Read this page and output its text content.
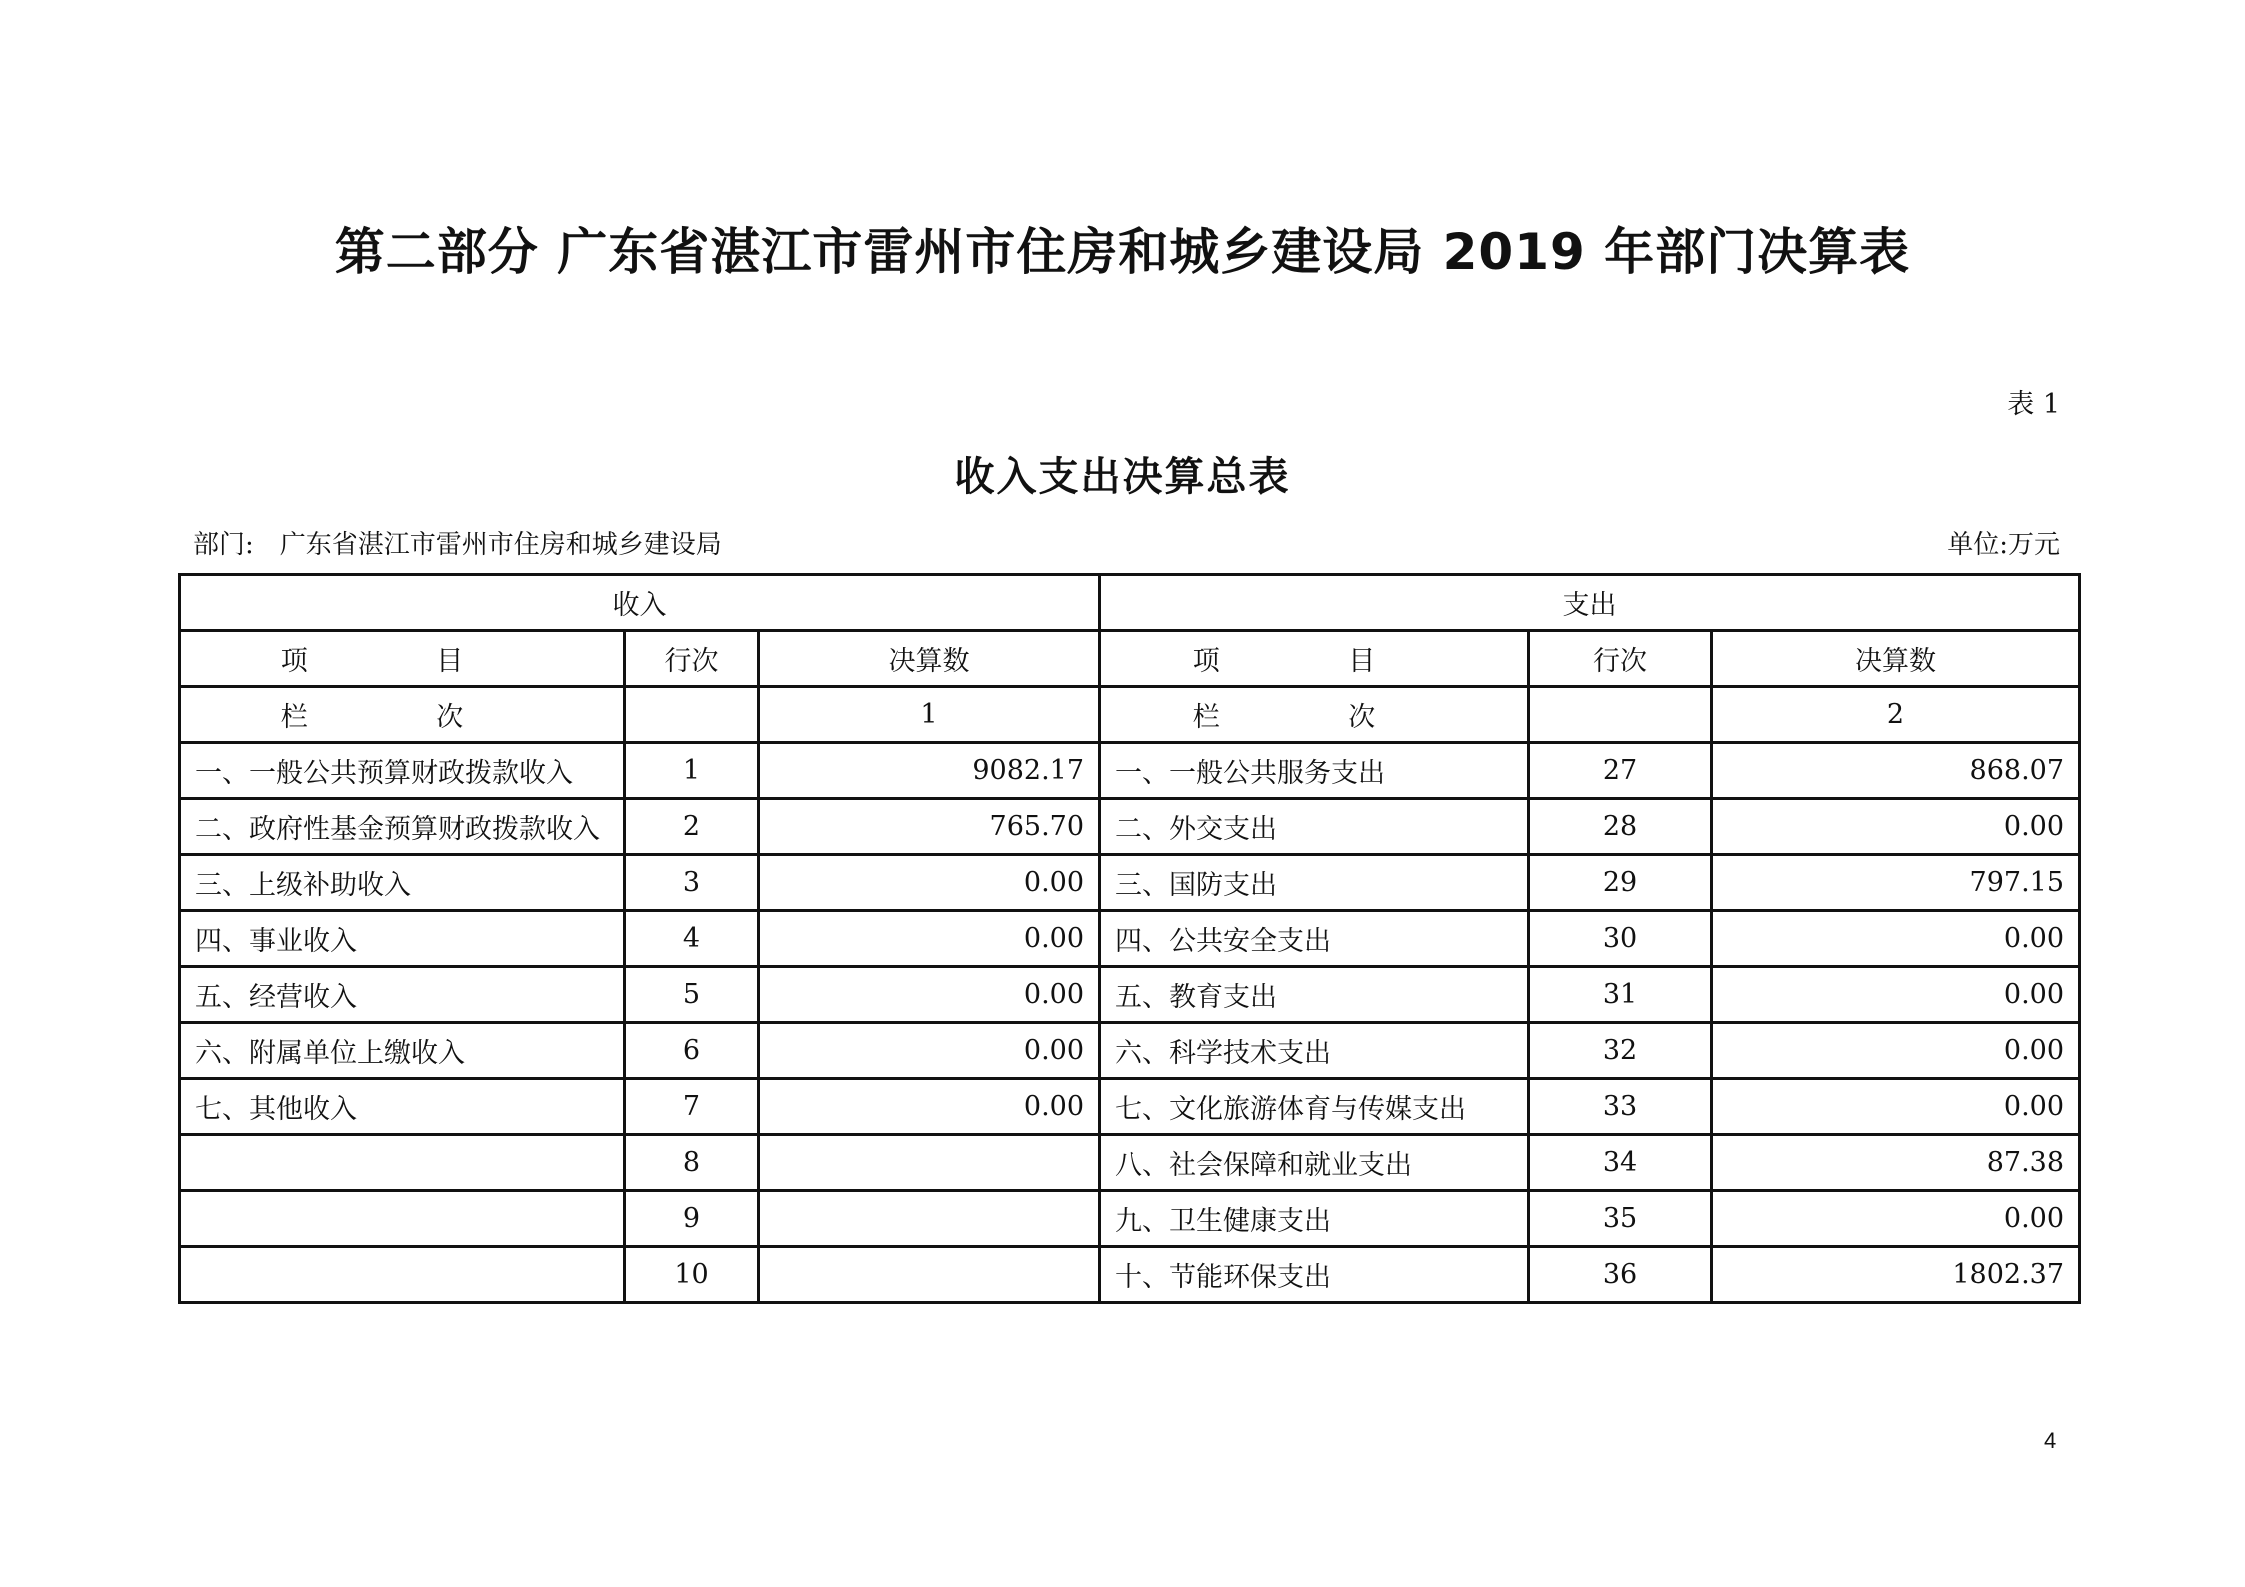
第二部分 广东省湛江市雷州市住房和城乡建设局 2019 年部门决算表
表 1
收入支出决算总表
部门: 广东省湛江市雷州市住房和城乡建设局	单位:万元
收入			支出		
项 目	行次	决算数	项 目	行次	决算数
栏 次		1	栏 次		2
一、一般公共预算财政拨款收入	1	9082.17	一、一般公共服务支出	27	868.07
二、政府性基金预算财政拨款收入	2	765.70	二、外交支出	28	0.00
三、上级补助收入	3	0.00	三、国防支出	29	797.15
四、事业收入	4	0.00	四、公共安全支出	30	0.00
五、经营收入	5	0.00	五、教育支出	31	0.00
六、附属单位上缴收入	6	0.00	六、科学技术支出	32	0.00
七、其他收入	7	0.00	七、文化旅游体育与传媒支出	33	0.00
	8		八、社会保障和就业支出	34	87.38
	9		九、卫生健康支出	35	0.00
	10		十、节能环保支出	36	1802.37
4
